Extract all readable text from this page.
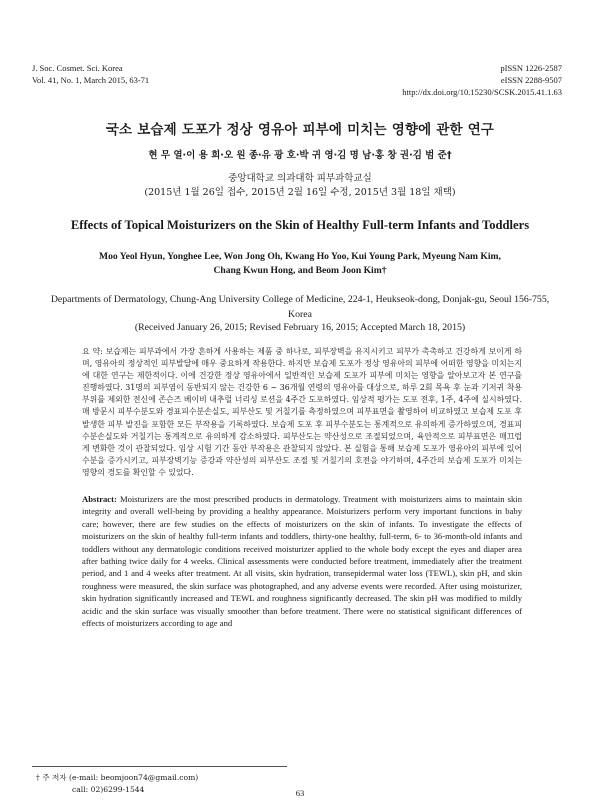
J. Soc. Cosmet. Sci. Korea
Vol. 41, No. 1, March 2015, 63-71
pISSN 1226-2587
eISSN 2288-9507
http://dx.doi.org/10.15230/SCSK.2015.41.1.63
국소 보습제 도포가 정상 영유아 피부에 미치는 영향에 관한 연구
현 무 열·이 용 희·오 원 종·유 광 호·박 귀 영·김 명 남·홍 창 권·김 범 준†
중앙대학교 의과대학 피부과학교실
(2015년 1월 26일 접수, 2015년 2월 16일 수정, 2015년 3월 18일 채택)
Effects of Topical Moisturizers on the Skin of Healthy Full-term Infants and Toddlers
Moo Yeol Hyun, Yonghee Lee, Won Jong Oh, Kwang Ho Yoo, Kui Young Park, Myeung Nam Kim, Chang Kwun Hong, and Beom Joon Kim†
Departments of Dermatology, Chung-Ang University College of Medicine, 224-1, Heukseok-dong, Donjak-gu, Seoul 156-755, Korea
(Received January 26, 2015; Revised February 16, 2015; Accepted March 18, 2015)
요 약: 보습제는 피부과에서 가장 흔하게 사용하는 제품 중 하나로, 피부장벽을 유지시키고 피부가 촉촉하고 건강하게 보이게 하며, 영유아의 정상적인 피부발달에 매우 중요하게 작용한다. 하지만 보습제 도포가 정상 영유아의 피부에 어떠한 영향을 미치는지에 대한 연구는 제한적이다. 이에 건강한 정상 영유아에서 일반적인 보습제 도포가 피부에 미치는 영향을 알아보고자 본 연구를 진행하였다. 31명의 피부염이 동반되지 않는 건강한 6 ~ 36개월 연령의 영유아를 대상으로, 하루 2회 목욕 후 눈과 기저귀 착용 부위를 제외한 전신에 존슨즈 베이비 내추럴 너리싱 로션을 4주간 도포하였다. 임상적 평가는 도포 전후, 1주, 4주에 실시하였다. 매 방문시 피부수분도와 경표피수분손실도, 피부산도 및 거칠기를 측정하였으며 피부표면을 촬영하여 비교하였고 보습제 도포 후 발생한 피부 발진을 포함한 모든 부작용을 기록하였다. 보습제 도포 후 피부수분도는 통계적으로 유의하게 증가하였으며, 경표피수분손실도와 거칠기는 통계적으로 유의하게 감소하였다. 피부산도는 약산성으로 조절되었으며, 육안적으로 피부표면은 매끄럽게 변화한 것이 관찰되었다. 임상 시험 기간 동안 부작용은 관찰되지 않았다. 본 실험을 통해 보습제 도포가 영유아의 피부에 있어 수분을 증가시키고, 피부장벽기능 증강과 약산성의 피부산도 조절 및 거칠기의 호전을 야기하며, 4주간의 보습제 도포가 미치는 영향의 경도를 확인할 수 있었다.
Abstract: Moisturizers are the most prescribed products in dermatology. Treatment with moisturizers aims to maintain skin integrity and overall well-being by providing a healthy appearance. Moisturizers perform very important functions in baby care; however, there are few studies on the effects of moisturizers on the skin of infants. To investigate the effects of moisturizers on the skin of healthy full-term infants and toddlers, thirty-one healthy, full-term, 6- to 36-month-old infants and toddlers without any dermatologic conditions received moisturizer applied to the whole body except the eyes and diaper area after bathing twice daily for 4 weeks. Clinical assessments were conducted before treatment, immediately after the treatment period, and 1 and 4 weeks after treatment. At all visits, skin hydration, transepidermal water loss (TEWL), skin pH, and skin roughness were measured, the skin surface was photographed, and any adverse events were recorded. After using moisturizer, skin hydration significantly increased and TEWL and roughness significantly decreased. The skin pH was modified to mildly acidic and the skin surface was visually smoother than before treatment. There were no statistical significant differences of effects of moisturizers according to age and
† 주 저자 (e-mail: beomjoon74@gmail.com)
call: 02)6299-1544	63
